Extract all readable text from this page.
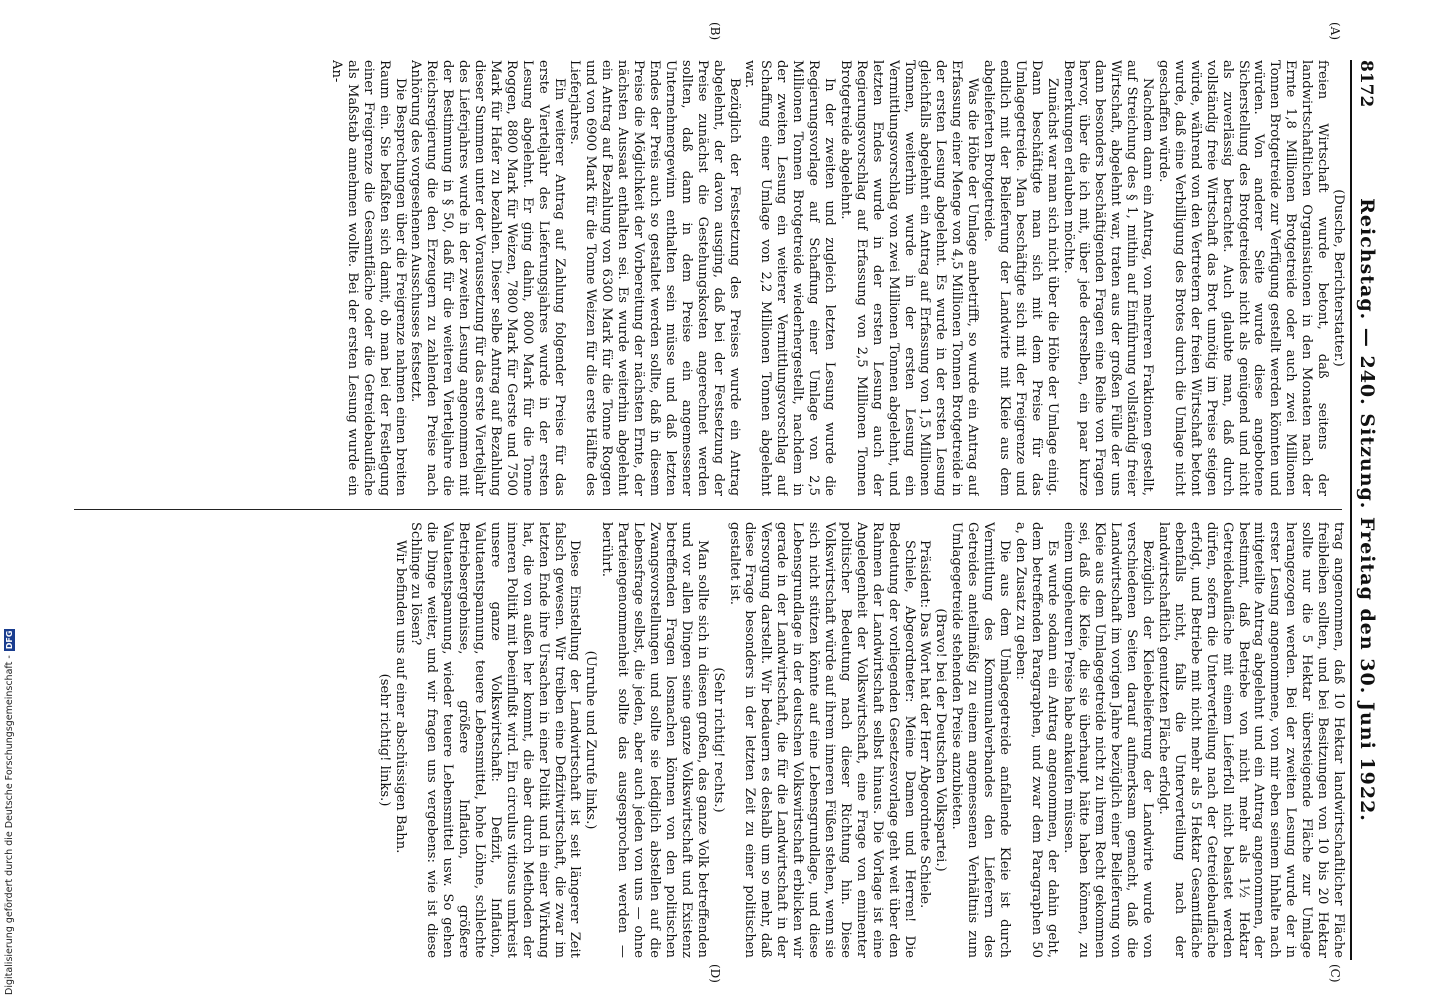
8172
Reichstag. — 240. Sitzung. Freitag den 30. Juni 1922.
(A)
(B)
(C)
(D)

(Dusche, Berichterstatter.)

freien Wirtschaft wurde betont, daß seitens der landwirtschaftlichen Organisationen in den Monaten nach der Ernte 1,8 Millionen Brotgetreide oder auch zwei Millionen Tonnen Brotgetreide zur Verfügung gestellt werden könnten und würden. Von anderer Seite wurde diese angebotene Sicherstellung des Brotgetreides nicht als genügend und nicht als zuverlässig betrachtet. Auch glaubte man, daß durch vollständig freie Wirtschaft das Brot unnötig im Preise steigen würde, während von den Vertretern der freien Wirtschaft betont wurde, daß eine Verbilligung des Brotes durch die Umlage nicht geschaffen würde.

Nachdem dann ein Antrag, von mehreren Fraktionen gestellt, auf Streichung des § 1, mithin auf Einführung vollständig freier Wirtschaft, abgelehnt war, traten aus der großen Fülle der uns dann besonders beschäftigenden Fragen eine Reihe von Fragen hervor, über die ich mit, über jede derselben, ein paar kurze Bemerkungen erlauben möchte.

Zunächst war man sich nicht über die Höhe der Umlage einig. Dann beschäftigte man sich mit dem Preise für das Umlagegetreide. Man beschäftigte sich mit der Freigrenze und endlich mit der Belieferung der Landwirte mit Kleie aus dem abgelieferten Brotgetreide.

Was die Höhe der Umlage anbetrifft, so wurde ein Antrag auf Erfassung einer Menge von 4,5 Millionen Tonnen Brotgetreide in der ersten Lesung abgelehnt. Es wurde in der ersten Lesung gleichfalls abgelehnt ein Antrag auf Erfassung von 1,5 Millionen Tonnen, weiterhin wurde in der ersten Lesung ein Vermittlungsvorschlag von zwei Millionen Tonnen abgelehnt, und letzten Endes wurde in der ersten Lesung auch der Regierungsvorschlag auf Erfassung von 2,5 Millionen Tonnen Brotgetreide abgelehnt.

In der zweiten und zugleich letzten Lesung wurde die Regierungsvorlage auf Schaffung einer Umlage von 2,5 Millionen Tonnen Brotgetreide wiederhergestellt, nachdem in der zweiten Lesung ein weiterer Vermittlungsvorschlag auf Schaffung einer Umlage von 2,2 Millionen Tonnen abgelehnt war.

Bezüglich der Festsetzung des Preises wurde ein Antrag abgelehnt, der davon ausging, daß bei der Festsetzung der Preise zunächst die Gestehungskosten angerechnet werden sollten, daß dann in dem Preise ein angemessener Unternehmergewinn enthalten sein müsse und daß letzten Endes der Preis auch so gestaltet werden sollte, daß in diesem Preise die Möglichkeit der Vorbereitung der nächsten Ernte, der nächsten Aussaat enthalten sei. Es wurde weiterhin abgelehnt ein Antrag auf Bezahlung von 6300 Mark für die Tonne Roggen und von 6900 Mark für die Tonne Weizen für die erste Hälfte des Lieferjahres.

Ein weiterer Antrag auf Zahlung folgender Preise für das erste Vierteljahr des Lieferungsjahres wurde in der ersten Lesung abgelehnt. Er ging dahin, 8000 Mark für die Tonne Roggen, 8800 Mark für Weizen, 7800 Mark für Gerste und 7500 Mark für Hafer zu bezahlen. Dieser selbe Antrag auf Bezahlung dieser Summen unter der Voraussetzung für das erste Vierteljahr des Lieferjahres wurde in der zweiten Lesung angenommen mit der Bestimmung in § 50, daß für die weiteren Vierteljahre die Reichsregierung die den Erzeugern zu zahlenden Preise nach Anhörung des vorgesehenen Ausschusses festsetzt.

Die Besprechungen über die Freigrenze nahmen einen breiten Raum ein. Sie befaßten sich damit, ob man bei der Festlegung einer Freigrenze die Gesamtfläche oder die Getreidebaufläche als Maßstab annehmen wollte. Bei der ersten Lesung wurde ein An-

trag angenommen, daß 10 Hektar landwirtschaftlicher Fläche freibleiben sollten, und bei Besitzungen von 10 bis 20 Hektar sollte nur die 5 Hektar übersteigende Fläche zur Umlage herangezogen werden. Bei der zweiten Lesung wurde der in erster Lesung angenommene, von mir eben seinem Inhalte nach mitgeteilte Antrag abgelehnt und ein Antrag angenommen, der bestimmt, daß Betriebe von nicht mehr als 1½ Hektar Getreidebaufläche mit einem Lieferfoll nicht belastet werden dürfen, sofern die Unterverteilung nach der Getreidebaufläche erfolgt, und Betriebe mit nicht mehr als 5 Hektar Gesamtfläche ebenfalls nicht, falls die Unterverteilung nach der landwirtschaftlich genutzten Fläche erfolgt.

Bezüglich der Kleiebelieferung der Landwirte wurde von verschiedenen Seiten darauf aufmerksam gemacht, daß die Landwirtschaft im vorigen Jahre bezüglich einer Belieferung von Kleie aus dem Umlagegetreide nicht zu ihrem Recht gekommen sei, daß die Kleie, die sie überhaupt hätte haben können, zu einem ungeheuren Preise habe ankaufen müssen.

Es wurde sodann ein Antrag angenommen, der dahin geht, dem betreffenden Paragraphen, und zwar dem Paragraphen 50 a, den Zusatz zu geben:

Die aus dem Umlagegetreide anfallende Kleie ist durch Vermittlung des Kommunalverbandes den Lieferern des Getreides anteilmäßig zu einem angemessenen Verhältnis zum Umlagegetreide stehenden Preise anzubieten.

(Bravo! bei der Deutschen Volkspartei.)

Präsident: Das Wort hat der Herr Abgeordnete Schiele.

Schiele, Abgeordneter: Meine Damen und Herren! Die Bedeutung der vorliegenden Gesetzesvorlage geht weit über den Rahmen der Landwirtschaft selbst hinaus. Die Vorlage ist eine Angelegenheit der Volkswirtschaft, eine Frage von eminenter politischer Bedeutung nach dieser Richtung hin. Diese Volkswirtschaft würde auf ihrem inneren Füßen stehen, wenn sie sich nicht stützen könnte auf eine Lebensgrundlage, und diese Lebensgrundlage in der deutschen Volkswirtschaft erblicken wir gerade in der Landwirtschaft, die für die Landwirtschaft in der Versorgung darstellt. Wir bedauern es deshalb um so mehr, daß diese Frage besonders in der letzten Zeit zu einer politischen gestaltet ist.

(Sehr richtig! rechts.)

Man sollte sich in diesen großen, das ganze Volk betreffenden und vor allen Dingen seine ganze Volkswirtschaft und Existenz betreffenden Fragen losmachen können von den politischen Zwangsvorstellungen und sollte sie lediglich abstellen auf die Lebensfrage selbst, die jeden, aber auch jeden von uns — ohne Parteiengenommenheit sollte das ausgesprochen werden — berührt.

(Unruhe und Zurufe links.)

Diese Einstellung der Landwirtschaft ist seit längerer Zeit falsch gewesen. Wir treiben eine Defizitwirtschaft, die zwar im letzten Ende ihre Ursachen in einer Politik und in einer Wirkung hat, die von außen her kommt, die aber durch Methoden der inneren Politik mit beeinflußt wird. Ein circulus vitiosus umkreist unsere ganze Volkswirtschaft: Defizit, Inflation, Valutaentspannung, teuere Lebensmittel, hohe Löhne, schlechte Betriebsergebnisse, größere Inflation, größere Valutaentspannung, wieder teuere Lebensmittel usw. So gehen die Dinge weiter, und wir fragen uns vergebens: wie ist diese Schlinge zu lösen?

Wir befinden uns auf einer abschüssigen Bahn.

(sehr richtig! links.)

Digitalisierung gefördert durch die Deutsche Forschungsgemeinschaft -
DFG
